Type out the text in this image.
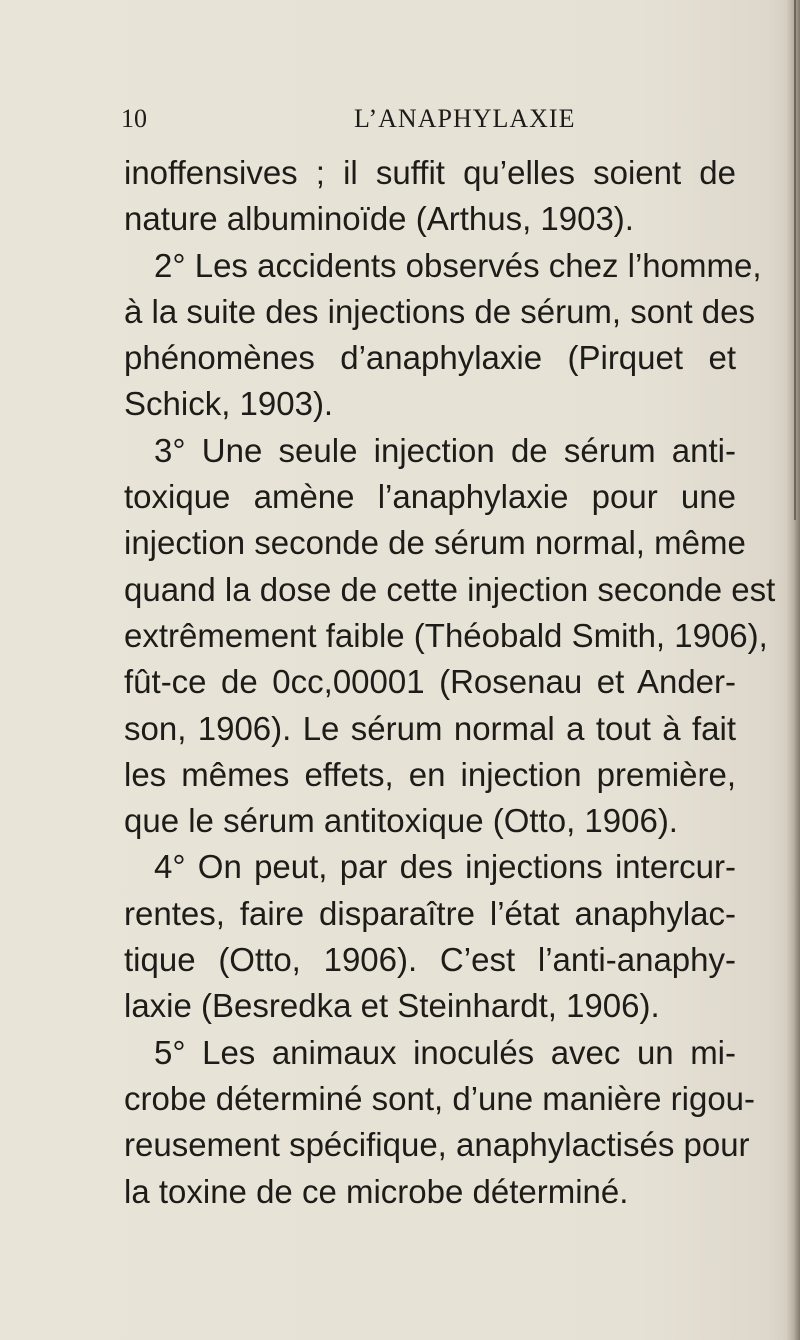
10	L’ANAPHYLAXIE
inoffensives ; il suffit qu’elles soient de
nature albuminoïde (Arthus, 1903).
2° Les accidents observés chez l’homme,
à la suite des injections de sérum, sont des
phénomènes d’anaphylaxie (Pirquet et
Schick, 1903).
3° Une seule injection de sérum anti-
toxique amène l’anaphylaxie pour une
injection seconde de sérum normal, même
quand la dose de cette injection seconde est
extrêmement faible (Théobald Smith, 1906),
fût-ce de 0cc,00001 (Rosenau et Ander-
son, 1906). Le sérum normal a tout à fait
les mêmes effets, en injection première,
que le sérum antitoxique (Otto, 1906).
4° On peut, par des injections intercur-
rentes, faire disparaître l’état anaphylac-
tique (Otto, 1906). C’est l’anti-anaphy-
laxie (Besredka et Steinhardt, 1906).
5° Les animaux inoculés avec un mi-
crobe déterminé sont, d’une manière rigou-
reusement spécifique, anaphylactisés pour
la toxine de ce microbe déterminé.
